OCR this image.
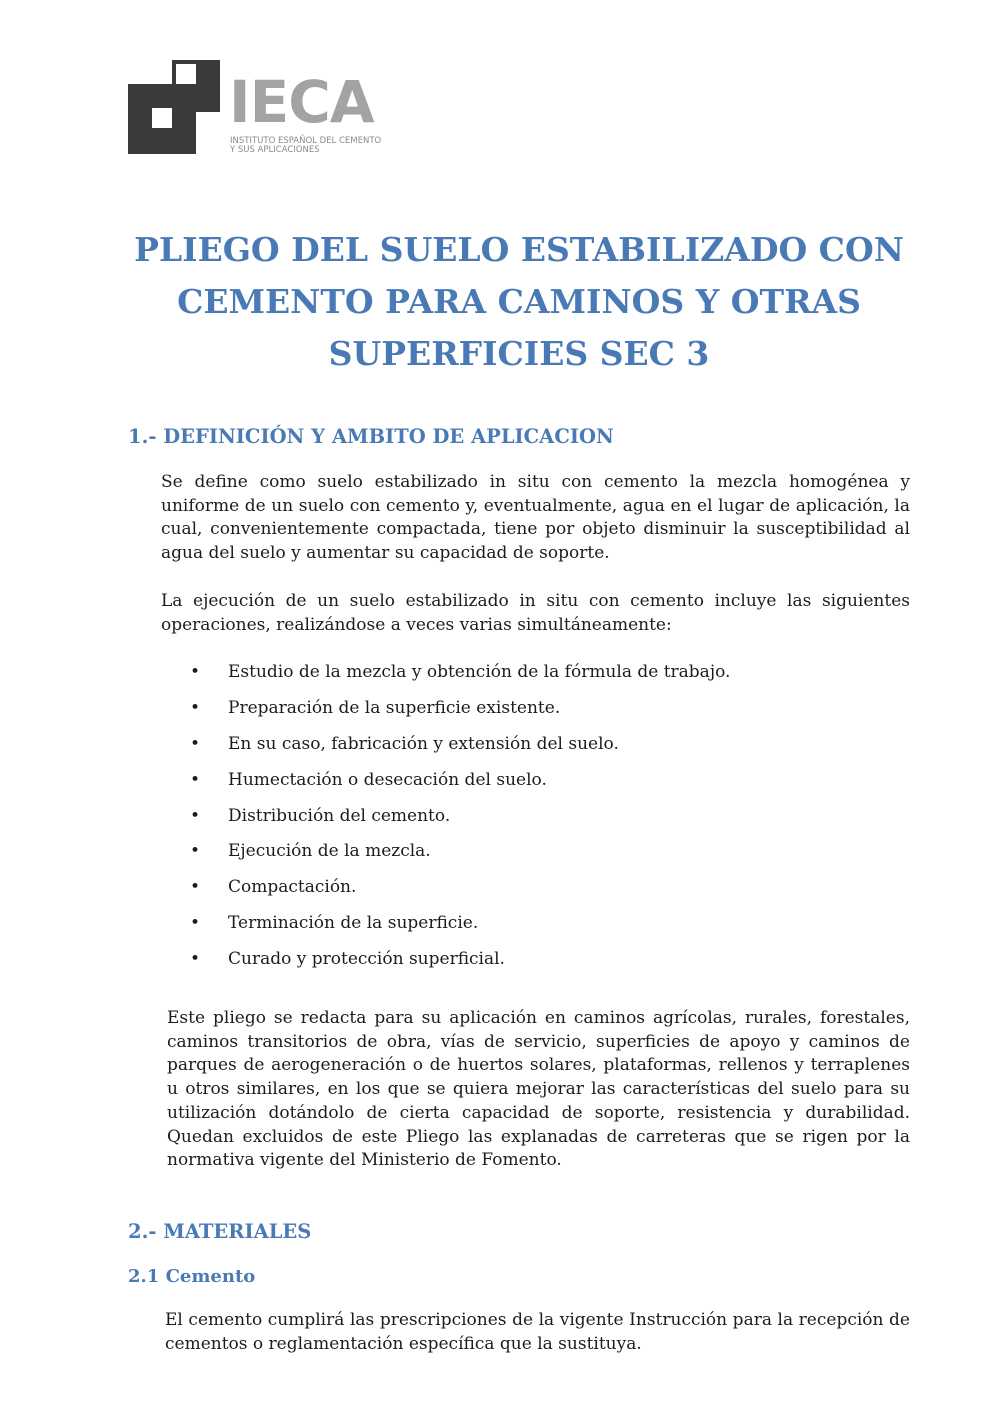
IECA
INSTITUTO ESPAÑOL DEL CEMENTO
Y SUS APLICACIONES
PLIEGO DEL SUELO ESTABILIZADO CON
CEMENTO PARA CAMINOS Y OTRAS
SUPERFICIES SEC 3
1.- DEFINICIÓN Y AMBITO DE APLICACION

Se define como suelo estabilizado in situ con cemento la mezcla homogénea y uniforme de un suelo con cemento y, eventualmente, agua en el lugar de aplicación, la cual, convenientemente compactada, tiene por objeto disminuir la susceptibilidad al agua del suelo y aumentar su capacidad de soporte.

La ejecución de un suelo estabilizado in situ con cemento incluye las siguientes operaciones, realizándose a veces varias simultáneamente:

• Estudio de la mezcla y obtención de la fórmula de trabajo.
• Preparación de la superficie existente.
• En su caso, fabricación y extensión del suelo.
• Humectación o desecación del suelo.
• Distribución del cemento.
• Ejecución de la mezcla.
• Compactación.
• Terminación de la superficie.
• Curado y protección superficial.

Este pliego se redacta para su aplicación en caminos agrícolas, rurales, forestales, caminos transitorios de obra, vías de servicio, superficies de apoyo y caminos de parques de aerogeneración o de huertos solares, plataformas, rellenos y terraplenes u otros similares, en los que se quiera mejorar las características del suelo para su utilización dotándolo de cierta capacidad de soporte, resistencia y durabilidad. Quedan excluidos de este Pliego las explanadas de carreteras que se rigen por la normativa vigente del Ministerio de Fomento.

2.- MATERIALES
2.1 Cemento

El cemento cumplirá las prescripciones de la vigente Instrucción para la recepción de cementos o reglamentación específica que la sustituya.
